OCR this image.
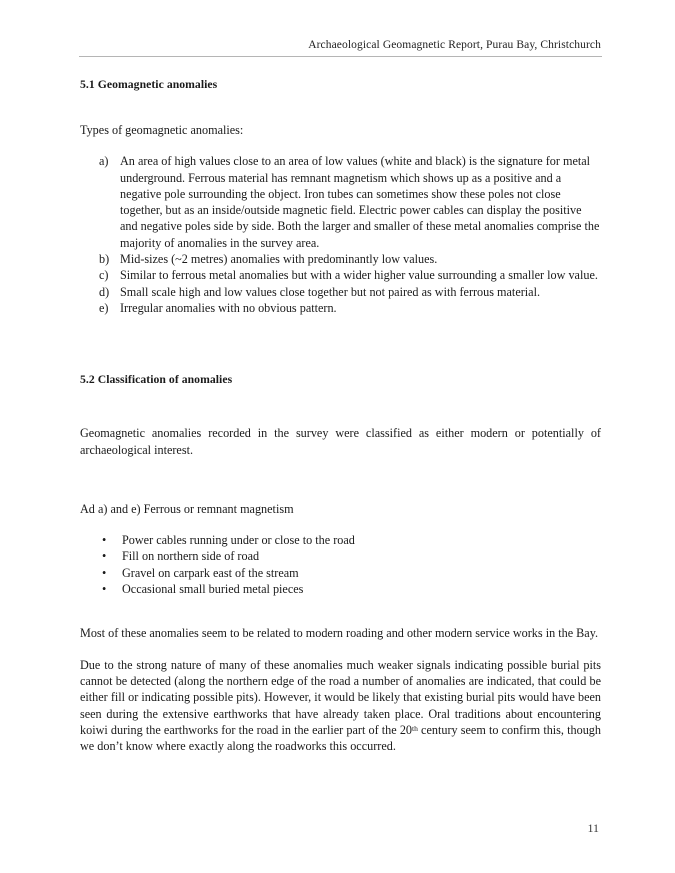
Archaeological Geomagnetic Report, Purau Bay, Christchurch
5.1 Geomagnetic anomalies

Types of geomagnetic anomalies:

a) An area of high values close to an area of low values (white and black) is the signature for metal underground. Ferrous material has remnant magnetism which shows up as a positive and a negative pole surrounding the object. Iron tubes can sometimes show these poles not close together, but as an inside/outside magnetic field. Electric power cables can display the positive and negative poles side by side. Both the larger and smaller of these metal anomalies comprise the majority of anomalies in the survey area.
b) Mid-sizes (~2 metres) anomalies with predominantly low values.
c) Similar to ferrous metal anomalies but with a wider higher value surrounding a smaller low value.
d) Small scale high and low values close together but not paired as with ferrous material.
e) Irregular anomalies with no obvious pattern.
5.2 Classification of anomalies

Geomagnetic anomalies recorded in the survey were classified as either modern or potentially of archaeological interest.

Ad a) and e) Ferrous or remnant magnetism

• Power cables running under or close to the road
• Fill on northern side of road
• Gravel on carpark east of the stream
• Occasional small buried metal pieces

Most of these anomalies seem to be related to modern roading and other modern service works in the Bay.

Due to the strong nature of many of these anomalies much weaker signals indicating possible burial pits cannot be detected (along the northern edge of the road a number of anomalies are indicated, that could be either fill or indicating possible pits). However, it would be likely that existing burial pits would have been seen during the extensive earthworks that have already taken place. Oral traditions about encountering koiwi during the earthworks for the road in the earlier part of the 20th century seem to confirm this, though we don’t know where exactly along the roadworks this occurred.

11
